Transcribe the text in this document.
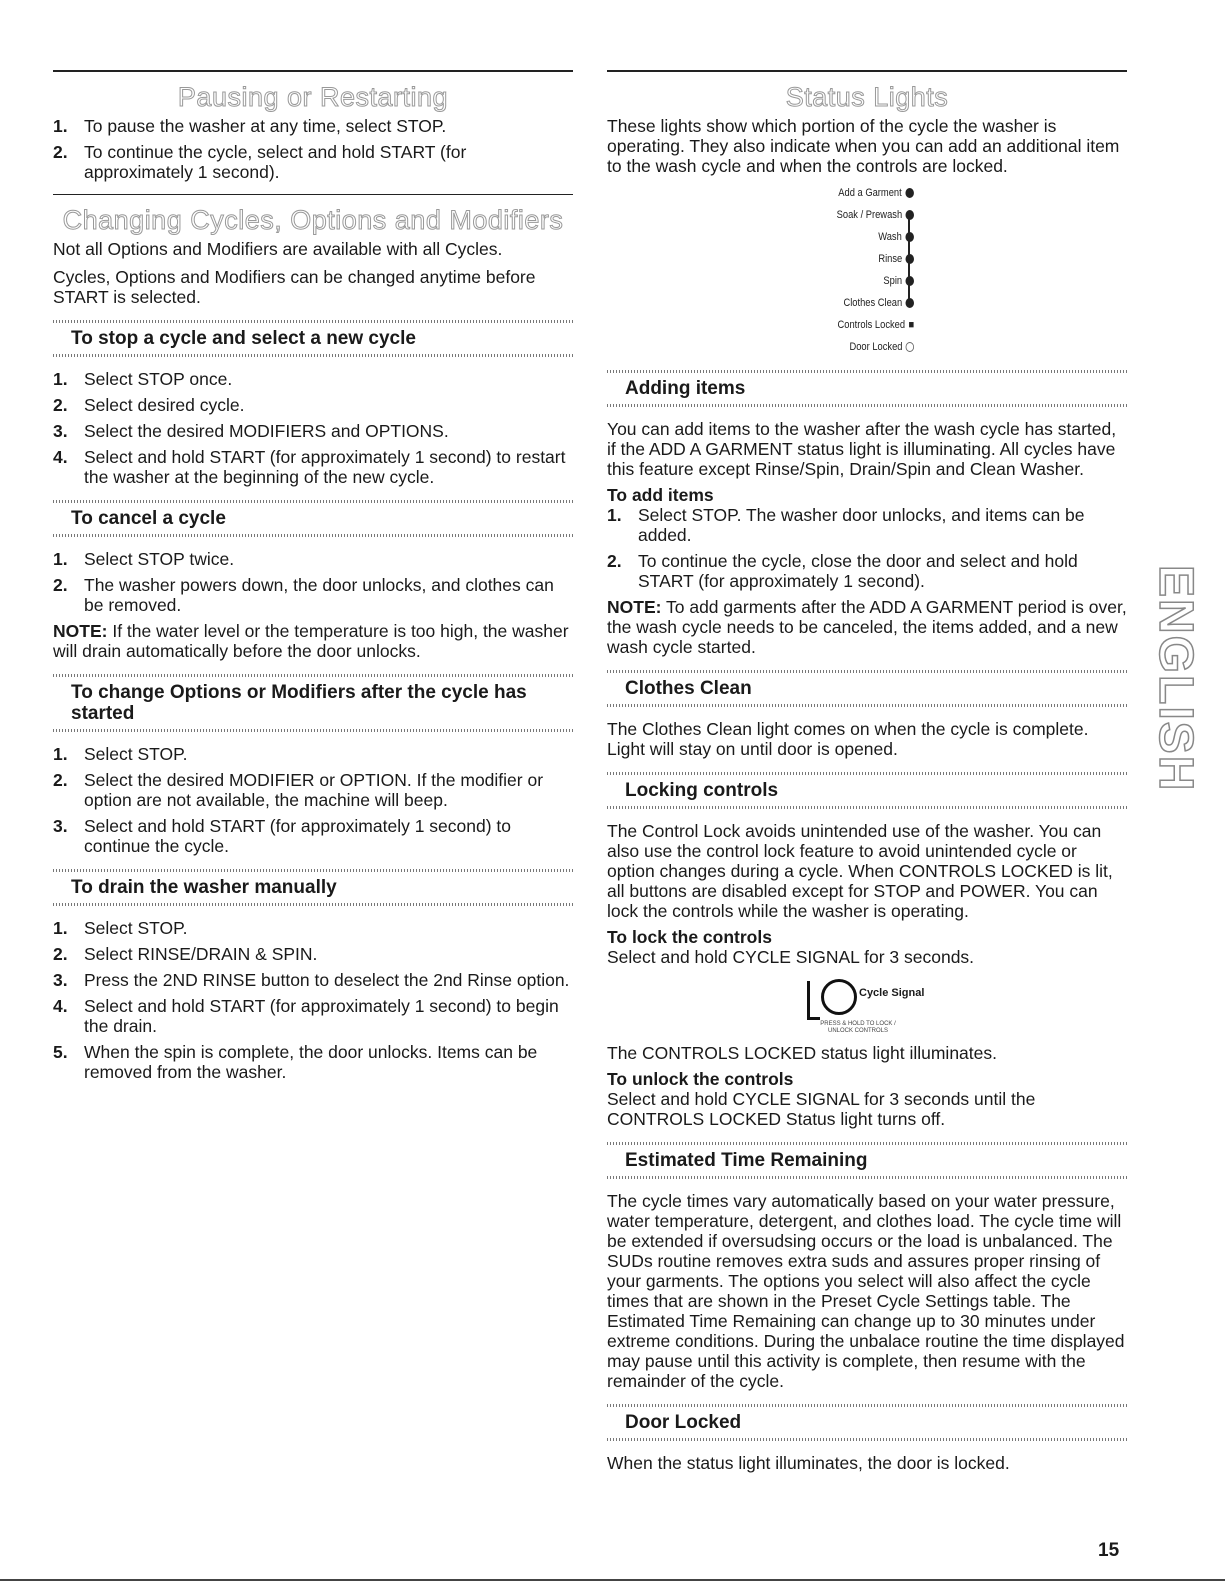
Pausing or Restarting
1. To pause the washer at any time, select STOP.
2. To continue the cycle, select and hold START (for approximately 1 second).
Changing Cycles, Options and Modifiers

Not all Options and Modifiers are available with all Cycles.

Cycles, Options and Modifiers can be changed anytime before START is selected.

To stop a cycle and select a new cycle
1. Select STOP once.
2. Select desired cycle.
3. Select the desired MODIFIERS and OPTIONS.
4. Select and hold START (for approximately 1 second) to restart the washer at the beginning of the new cycle.
To cancel a cycle
1. Select STOP twice.
2. The washer powers down, the door unlocks, and clothes can be removed.

NOTE: If the water level or the temperature is too high, the washer will drain automatically before the door unlocks.

To change Options or Modifiers after the cycle has started
1. Select STOP.
2. Select the desired MODIFIER or OPTION. If the modifier or option are not available, the machine will beep.
3. Select and hold START (for approximately 1 second) to continue the cycle.
To drain the washer manually
1. Select STOP.
2. Select RINSE/DRAIN & SPIN.
3. Press the 2ND RINSE button to deselect the 2nd Rinse option.
4. Select and hold START (for approximately 1 second) to begin the drain.
5. When the spin is complete, the door unlocks. Items can be removed from the washer.
Status Lights

These lights show which portion of the cycle the washer is operating. They also indicate when you can add an additional item to the wash cycle and when the controls are locked.

Add a Garment
Soak / Prewash
Wash
Rinse
Spin
Clothes Clean
Controls Locked ■
Door Locked
Adding items

You can add items to the washer after the wash cycle has started, if the ADD A GARMENT status light is illuminating. All cycles have this feature except Rinse/Spin, Drain/Spin and Clean Washer.

To add items
1. Select STOP. The washer door unlocks, and items can be added.
2. To continue the cycle, close the door and select and hold START (for approximately 1 second).

NOTE: To add garments after the ADD A GARMENT period is over, the wash cycle needs to be canceled, the items added, and a new wash cycle started.

Clothes Clean

The Clothes Clean light comes on when the cycle is complete. Light will stay on until door is opened.

Locking controls

The Control Lock avoids unintended use of the washer. You can also use the control lock feature to avoid unintended cycle or option changes during a cycle. When CONTROLS LOCKED is lit, all buttons are disabled except for STOP and POWER. You can lock the controls while the washer is operating.

To lock the controls

Select and hold CYCLE SIGNAL for 3 seconds.

Cycle Signal
PRESS & HOLD TO LOCK / UNLOCK CONTROLS

The CONTROLS LOCKED status light illuminates.

To unlock the controls

Select and hold CYCLE SIGNAL for 3 seconds until the CONTROLS LOCKED Status light turns off.

Estimated Time Remaining

The cycle times vary automatically based on your water pressure, water temperature, detergent, and clothes load. The cycle time will be extended if oversudsing occurs or the load is unbalanced. The SUDs routine removes extra suds and assures proper rinsing of your garments. The options you select will also affect the cycle times that are shown in the Preset Cycle Settings table. The Estimated Time Remaining can change up to 30 minutes under extreme conditions. During the unbalace routine the time displayed may pause until this activity is complete, then resume with the remainder of the cycle.

Door Locked

When the status light illuminates, the door is locked.

ENGLISH
15
